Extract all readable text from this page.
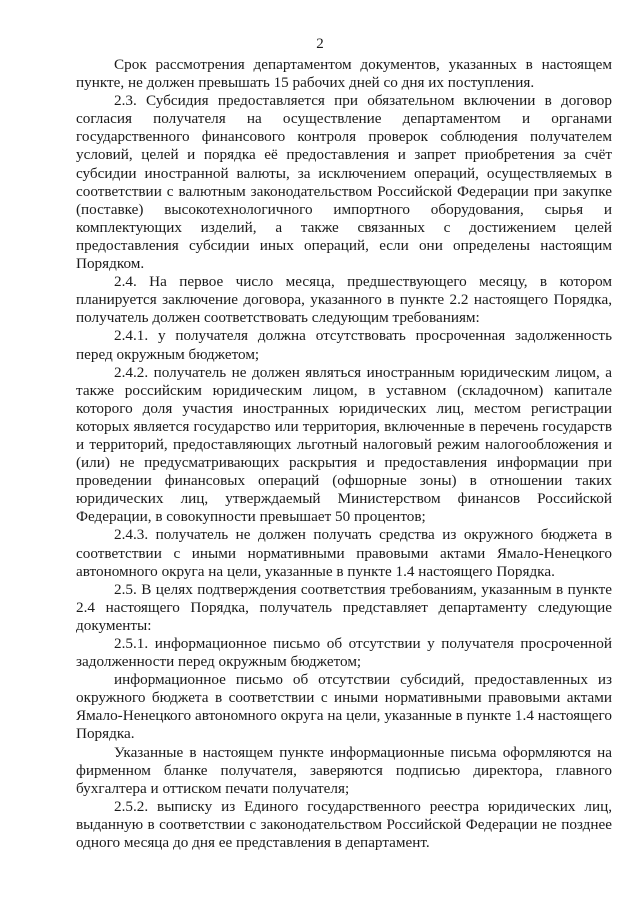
2

Срок рассмотрения департаментом документов, указанных в настоящем пункте, не должен превышать 15 рабочих дней со дня их поступления.

2.3. Субсидия предоставляется при обязательном включении в договор согласия получателя на осуществление департаментом и органами государственного финансового контроля проверок соблюдения получателем условий, целей и порядка её предоставления и запрет приобретения за счёт субсидии иностранной валюты, за исключением операций, осуществляемых в соответствии с валютным законодательством Российской Федерации при закупке (поставке) высокотехнологичного импортного оборудования, сырья и комплектующих изделий, а также связанных с достижением целей предоставления субсидии иных операций, если они определены настоящим Порядком.

2.4. На первое число месяца, предшествующего месяцу, в котором планируется заключение договора, указанного в пункте 2.2 настоящего Порядка, получатель должен соответствовать следующим требованиям:

2.4.1. у получателя должна отсутствовать просроченная задолженность перед окружным бюджетом;

2.4.2. получатель не должен являться иностранным юридическим лицом, а также российским юридическим лицом, в уставном (складочном) капитале которого доля участия иностранных юридических лиц, местом регистрации которых является государство или территория, включенные в перечень государств и территорий, предоставляющих льготный налоговый режим налогообложения и (или) не предусматривающих раскрытия и предоставления информации при проведении финансовых операций (офшорные зоны) в отношении таких юридических лиц, утверждаемый Министерством финансов Российской Федерации, в совокупности превышает 50 процентов;

2.4.3. получатель не должен получать средства из окружного бюджета в соответствии с иными нормативными правовыми актами Ямало-Ненецкого автономного округа на цели, указанные в пункте 1.4 настоящего Порядка.

2.5. В целях подтверждения соответствия требованиям, указанным в пункте 2.4 настоящего Порядка, получатель представляет департаменту следующие документы:

2.5.1. информационное письмо об отсутствии у получателя просроченной задолженности перед окружным бюджетом;

информационное письмо об отсутствии субсидий, предоставленных из окружного бюджета в соответствии с иными нормативными правовыми актами Ямало-Ненецкого автономного округа на цели, указанные в пункте 1.4 настоящего Порядка.

Указанные в настоящем пункте информационные письма оформляются на фирменном бланке получателя, заверяются подписью директора, главного бухгалтера и оттиском печати получателя;

2.5.2. выписку из Единого государственного реестра юридических лиц, выданную в соответствии с законодательством Российской Федерации не позднее одного месяца до дня ее представления в департамент.
